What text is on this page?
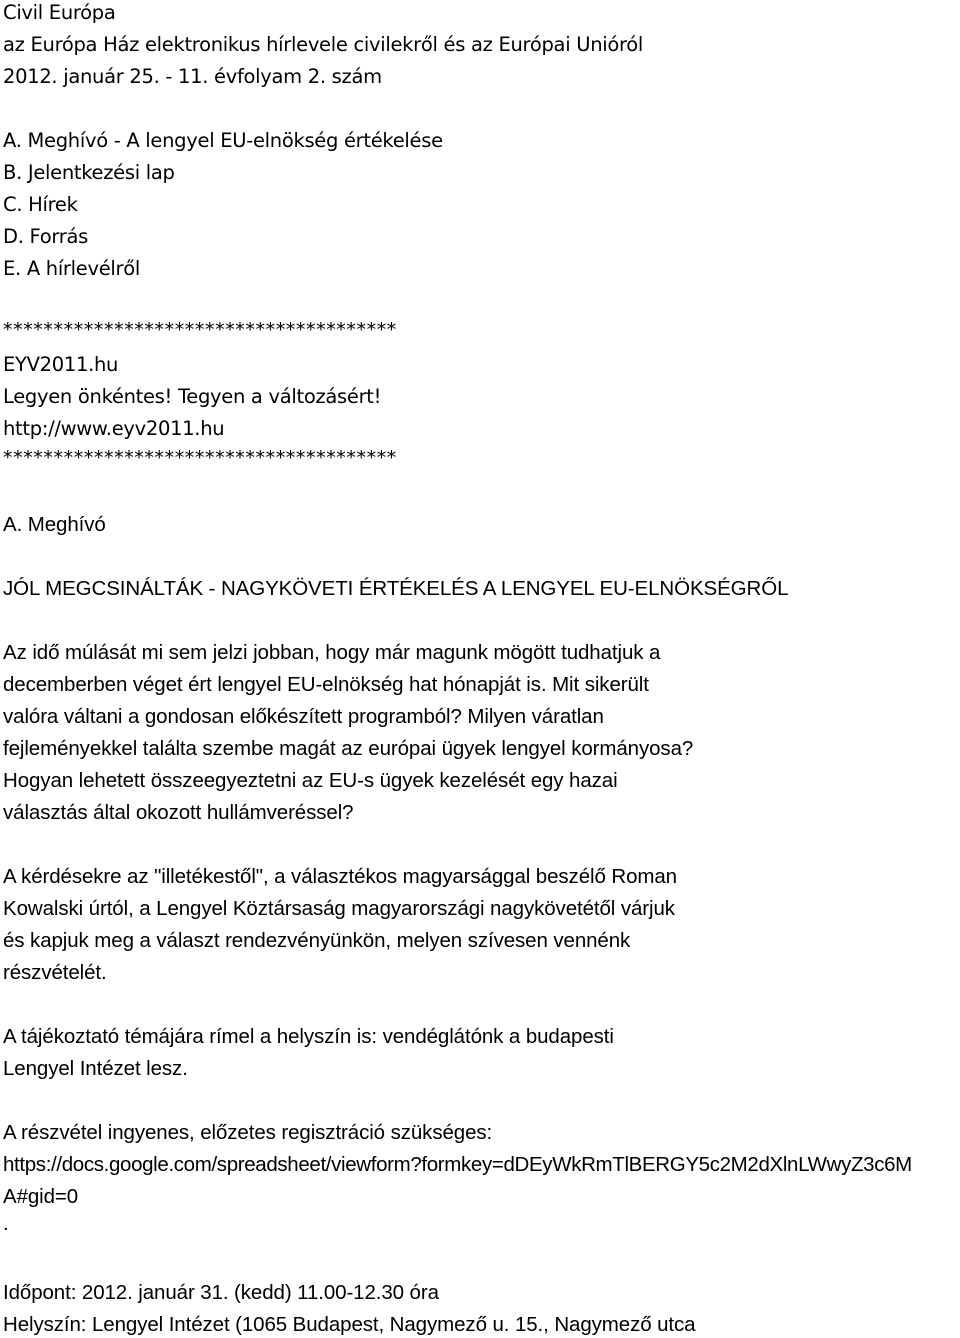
Civil Európa
az Európa Ház elektronikus hírlevele civilekről és az Európai Unióról
2012. január 25. - 11. évfolyam 2. szám
A. Meghívó - A lengyel EU-elnökség értékelése
B. Jelentkezési lap
C. Hírek
D. Forrás
E. A hírlevélről
***************************************
EYV2011.hu
Legyen önkéntes! Tegyen a változásért!
http://www.eyv2011.hu
***************************************
A. Meghívó
JÓL MEGCSINÁLTÁK - NAGYKÖVETI ÉRTÉKELÉS A LENGYEL EU-ELNÖKSÉGRŐL
Az idő múlását mi sem jelzi jobban, hogy már magunk mögött tudhatjuk a
decemberben véget ért lengyel EU-elnökség hat hónapját is. Mit sikerült
valóra váltani a gondosan előkészített programból? Milyen váratlan
fejleményekkel találta szembe magát az európai ügyek lengyel kormányosa?
Hogyan lehetett összeegyeztetni az EU-s ügyek kezelését egy hazai
választás által okozott hullámveréssel?
A kérdésekre az "illetékestől", a választékos magyarsággal beszélő Roman
Kowalski úrtól, a Lengyel Köztársaság magyarországi nagykövetétől várjuk
és kapjuk meg a választ rendezvényünkön, melyen szívesen vennénk
részvételét.
A tájékoztató témájára rímel a helyszín is: vendéglátónk a budapesti
Lengyel Intézet lesz.
A részvétel ingyenes, előzetes regisztráció szükséges:
https://docs.google.com/spreadsheet/viewform?formkey=dDEyWkRmTlBERGY5c2M2dXlnLWwyZ3c6M
A#gid=0
.
Időpont: 2012. január 31. (kedd) 11.00-12.30 óra
Helyszín: Lengyel Intézet (1065 Budapest, Nagymező u. 15., Nagymező utca
